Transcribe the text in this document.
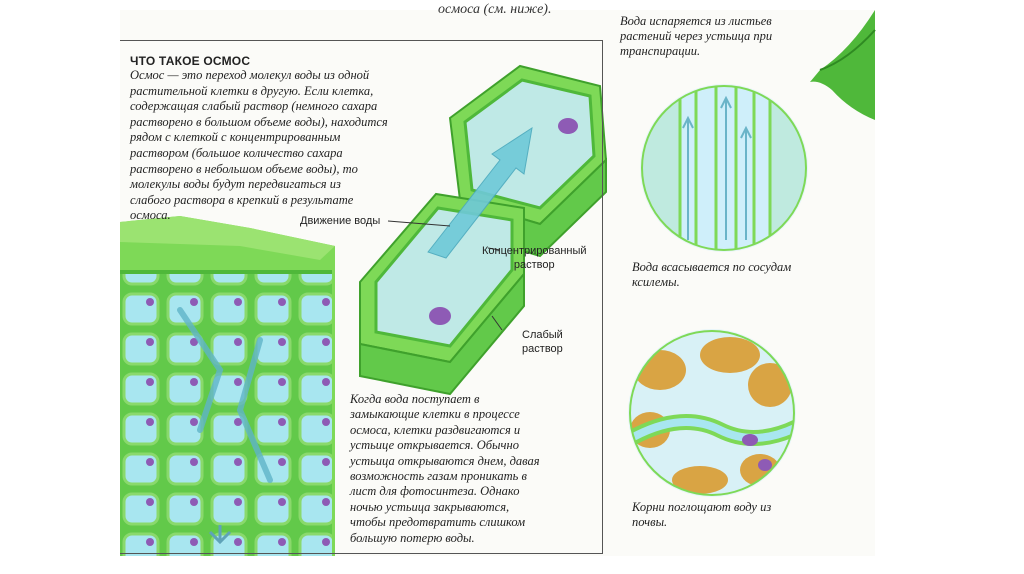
осмоса (см. ниже).
ЧТО ТАКОЕ ОСМОС

Осмос — это переход молекул воды из одной

растительной клетки в другую. Если клетка,

содержащая слабый раствор (немного сахара

растворено в большом объеме воды), находится

рядом с клеткой с концентрированным

раствором (большое количество сахара

растворено в небольшом объеме воды), то

молекулы воды будут передвигаться из

слабого раствора в крепкий в результате

осмоса.	Движение воды

Концентрированный

раствор

Слабый

раствор

Когда вода поступает в

замыкающие клетки в процессе

осмоса, клетки раздвигаются и

устьице открывается. Обычно

устьица открываются днем, давая

возможность газам проникать в

лист для фотосинтеза. Однако

ночью устьица закрываются,

чтобы предотвратить слишком

большую потерю воды.

Вода испаряется из листьев

растений через устьица при

транспирации.

Вода всасывается по сосудам

ксилемы.

Корни поглощают воду из

почвы.
